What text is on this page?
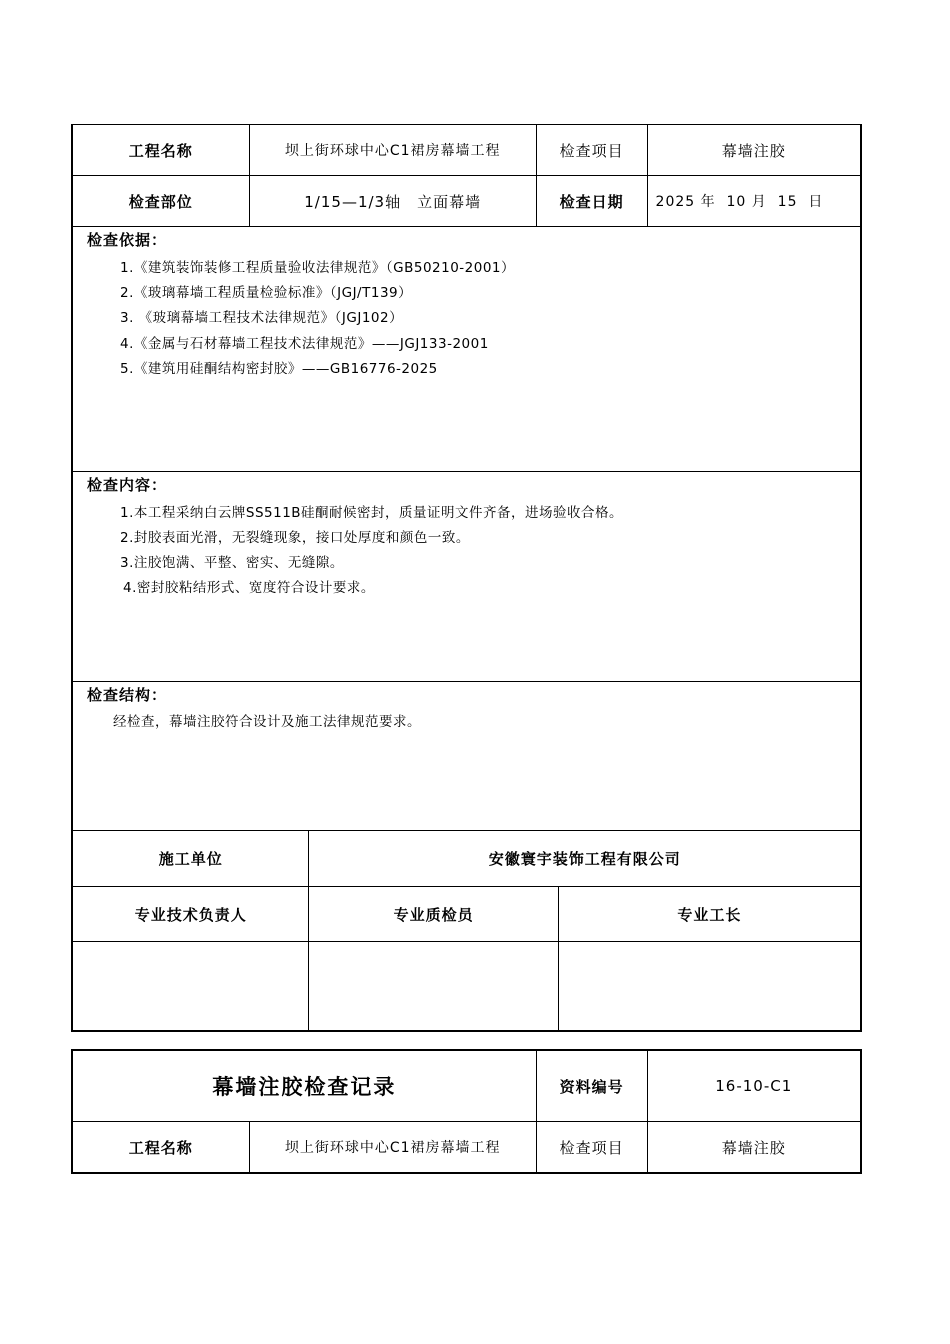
工程名称	坝上街环球中心C1裙房幕墙工程	检查项目	幕墙注胶
检查部位	1/15—1/3轴　立面幕墙	检查日期	2025 年  10 月  15  日
检查依据：
1.《建筑装饰装修工程质量验收法律规范》（GB50210-2001）
2.《玻璃幕墙工程质量检验标准》（JGJ/T139）
3. 《玻璃幕墙工程技术法律规范》（JGJ102）
4.《金属与石材幕墙工程技术法律规范》——JGJ133-2001
5.《建筑用硅酮结构密封胶》——GB16776-2025
检查内容：
1.本工程采纳白云牌SS511B硅酮耐候密封，质量证明文件齐备，进场验收合格。
2.封胶表面光滑，无裂缝现象，接口处厚度和颜色一致。
3.注胶饱满、平整、密实、无缝隙。
4.密封胶粘结形式、宽度符合设计要求。
检查结构：
经检查，幕墙注胶符合设计及施工法律规范要求。
施工单位	安徽寰宇装饰工程有限公司
专业技术负责人	专业质检员	专业工长
幕墙注胶检查记录	资料编号	16-10-C1
工程名称	坝上街环球中心C1裙房幕墙工程	检查项目	幕墙注胶
